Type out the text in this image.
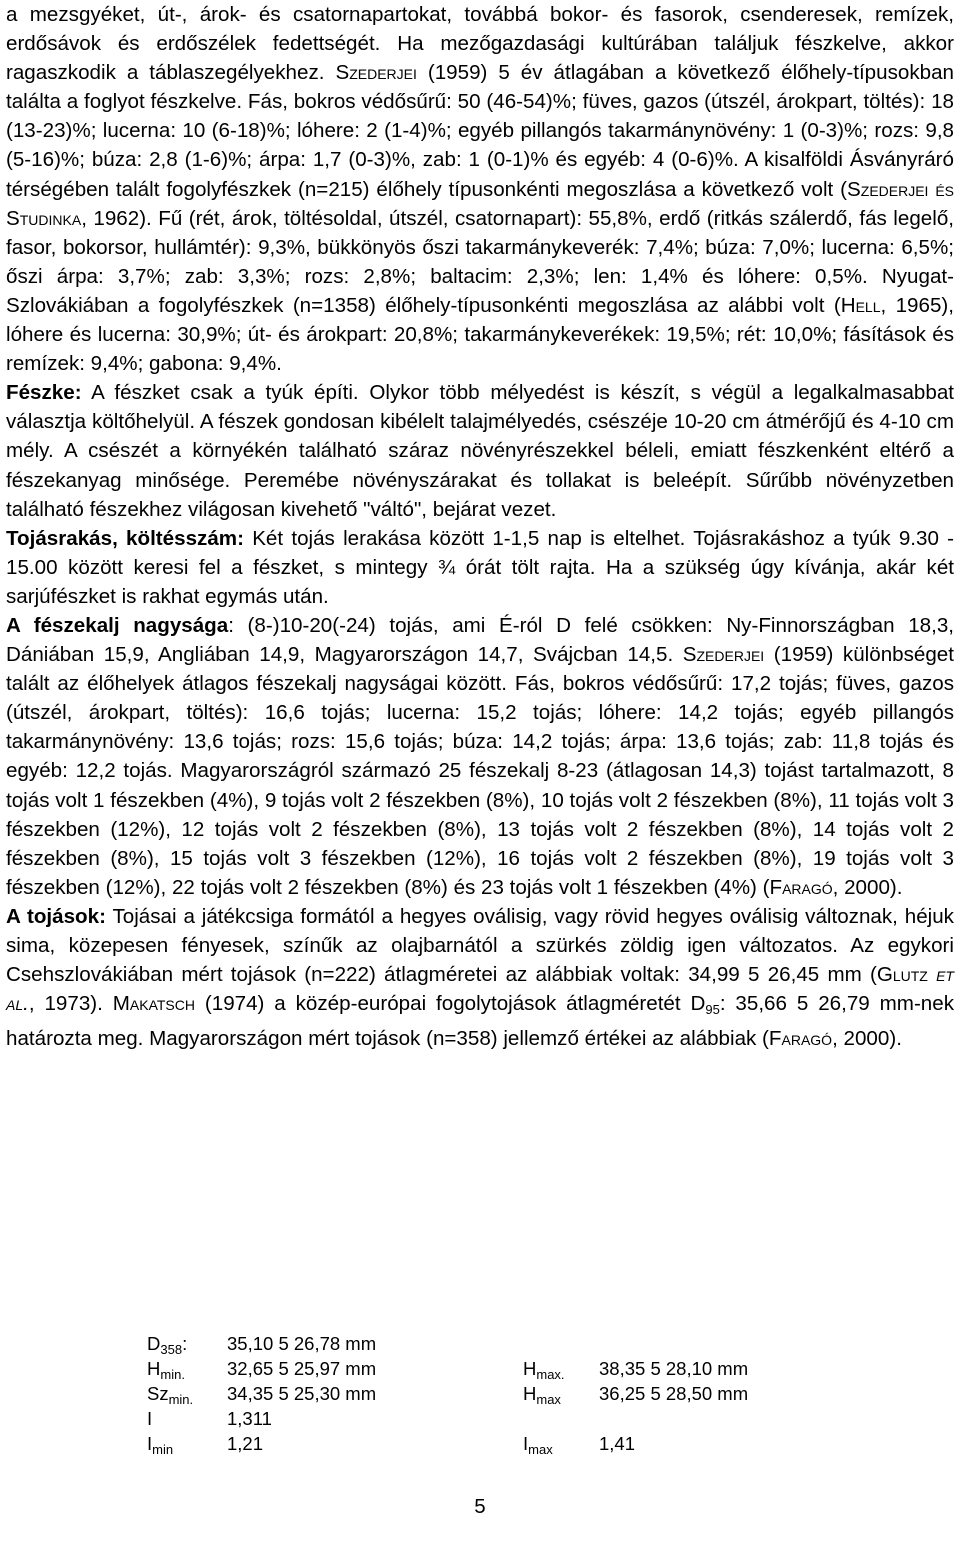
a mezsgyéket, út-, árok- és csatornapartokat, továbbá bokor- és fasorok, csenderesek, remízek, erdősávok és erdőszélek fedettségét. Ha mezőgazdasági kultúrában találjuk fészkelve, akkor ragaszkodik a táblaszegélyekhez. Szederjei (1959) 5 év átlagában a következő élőhely-típusokban találta a foglyot fészkelve. Fás, bokros védősűrű: 50 (46-54)%; füves, gazos (útszél, árokpart, töltés): 18 (13-23)%; lucerna: 10 (6-18)%; lóhere: 2 (1-4)%; egyéb pillangós takarmánynövény: 1 (0-3)%; rozs: 9,8 (5-16)%; búza: 2,8 (1-6)%; árpa: 1,7 (0-3)%, zab: 1 (0-1)% és egyéb: 4 (0-6)%. A kisalföldi Ásványráró térségében talált fogolyfészkek (n=215) élőhely típusonkénti megoszlása a következő volt (Szederjei és Studinka, 1962). Fű (rét, árok, töltésoldal, útszél, csatornapart): 55,8%, erdő (ritkás szálerdő, fás legelő, fasor, bokorsor, hullámtér): 9,3%, bükkönyös őszi takarmánykeverék: 7,4%; búza: 7,0%; lucerna: 6,5%; őszi árpa: 3,7%; zab: 3,3%; rozs: 2,8%; baltacim: 2,3%; len: 1,4% és lóhere: 0,5%. Nyugat-Szlovákiában a fogolyfészkek (n=1358) élőhely-típusonkénti megoszlása az alábbi volt (Hell, 1965), lóhere és lucerna: 30,9%; út- és árokpart: 20,8%; takarmánykeverékek: 19,5%; rét: 10,0%; fásítások és remízek: 9,4%; gabona: 9,4%.

Fészke: A fészket csak a tyúk építi. Olykor több mélyedést is készít, s végül a legalkalmasabbat választja költőhelyül. A fészek gondosan kibélelt talajmélyedés, csészéje 10-20 cm átmérőjű és 4-10 cm mély. A csészét a környékén található száraz növényrészekkel béleli, emiatt fészkenként eltérő a fészekanyag minősége. Peremébe növényszárakat és tollakat is beleépít. Sűrűbb növényzetben található fészekhez világosan kivehető "váltó", bejárat vezet.

Tojásrakás, költésszám: Két tojás lerakása között 1-1,5 nap is eltelhet. Tojásrakáshoz a tyúk 9.30 - 15.00 között keresi fel a fészket, s mintegy ¾ órát tölt rajta. Ha a szükség úgy kívánja, akár két sarjúfészket is rakhat egymás után.

A fészekalj nagysága: (8-)10-20(-24) tojás, ami É-ról D felé csökken: Ny-Finnországban 18,3, Dániában 15,9, Angliában 14,9, Magyarországon 14,7, Svájcban 14,5. Szederjei (1959) különbséget talált az élőhelyek átlagos fészekalj nagyságai között. Fás, bokros védősűrű: 17,2 tojás; füves, gazos (útszél, árokpart, töltés): 16,6 tojás; lucerna: 15,2 tojás; lóhere: 14,2 tojás; egyéb pillangós takarmánynövény: 13,6 tojás; rozs: 15,6 tojás; búza: 14,2 tojás; árpa: 13,6 tojás; zab: 11,8 tojás és egyéb: 12,2 tojás. Magyarországról származó 25 fészekalj 8-23 (átlagosan 14,3) tojást tartalmazott, 8 tojás volt 1 fészekben (4%), 9 tojás volt 2 fészekben (8%), 10 tojás volt 2 fészekben (8%), 11 tojás volt 3 fészekben (12%), 12 tojás volt 2 fészekben (8%), 13 tojás volt 2 fészekben (8%), 14 tojás volt 2 fészekben (8%), 15 tojás volt 3 fészekben (12%), 16 tojás volt 2 fészekben (8%), 19 tojás volt 3 fészekben (12%), 22 tojás volt 2 fészekben (8%) és 23 tojás volt 1 fészekben (4%) (Faragó, 2000).

A tojások: Tojásai a játékcsiga formától a hegyes oválisig, vagy rövid hegyes oválisig változnak, héjuk sima, közepesen fényesek, színűk az olajbarnától a szürkés zöldig igen változatos. Az egykori Csehszlovákiában mért tojások (n=222) átlagméretei az alábbiak voltak: 34,99 5 26,45 mm (Glutz et al., 1973). Makatsch (1974) a közép-európai fogolytojások átlagméretét $D_{95}$: 35,66 5 26,79 mm-nek határozta meg. Magyarországon mért tojások (n=358) jellemző értékei az alábbiak (Faragó, 2000).

$D_{358}$: 35,10 5 26,78 mm
$H_{min.}$ 32,65 5 25,97 mm	$H_{max.}$ 38,35 5 28,10 mm
$Sz_{min.}$ 34,35 5 25,30 mm	$H_{max}$ 36,25 5 28,50 mm
I	1,311
$I_{min}$	1,21	$I_{max}$	1,41
5
